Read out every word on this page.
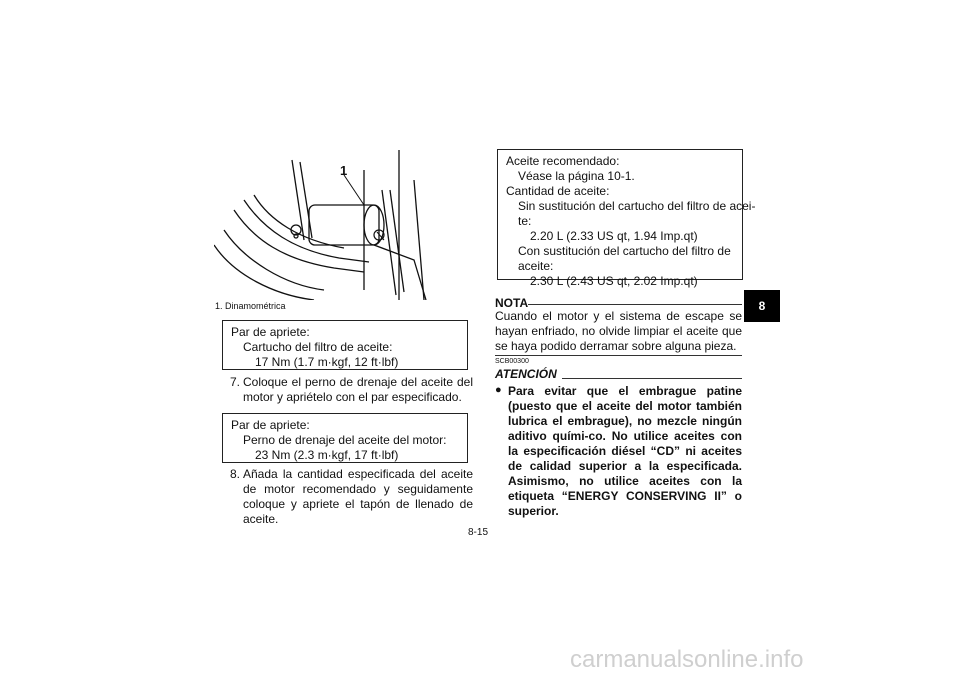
1
1. Dinamométrica
Par de apriete:
Cartucho del filtro de aceite:
17 Nm (1.7 m·kgf, 12 ft·lbf)
7. Coloque el perno de drenaje del aceite del motor y apriételo con el par especificado.
Par de apriete:
Perno de drenaje del aceite del motor:
23 Nm (2.3 m·kgf, 17 ft·lbf)
8. Añada la cantidad especificada del aceite de motor recomendado y seguidamente coloque y apriete el tapón de llenado de aceite.
Aceite recomendado:
Véase la página 10-1.
Cantidad de aceite:
Sin sustitución del cartucho del filtro de acei-
te:
2.20 L (2.33 US qt, 1.94 Imp.qt)
Con sustitución del cartucho del filtro de
aceite:
2.30 L (2.43 US qt, 2.02 Imp.qt)
NOTA
Cuando el motor y el sistema de escape se hayan enfriado, no olvide limpiar el aceite que se haya podido derramar sobre alguna pieza.
SCB00300
ATENCIÓN
● Para evitar que el embrague patine (puesto que el aceite del motor también lubrica el embrague), no mezcle ningún aditivo quími-co. No utilice aceites con la especificación diésel “CD” ni aceites de calidad superior a la especificada. Asimismo, no utilice aceites con la etiqueta “ENERGY CONSERVING II” o superior.
8
8-15
carmanualsonline.info
